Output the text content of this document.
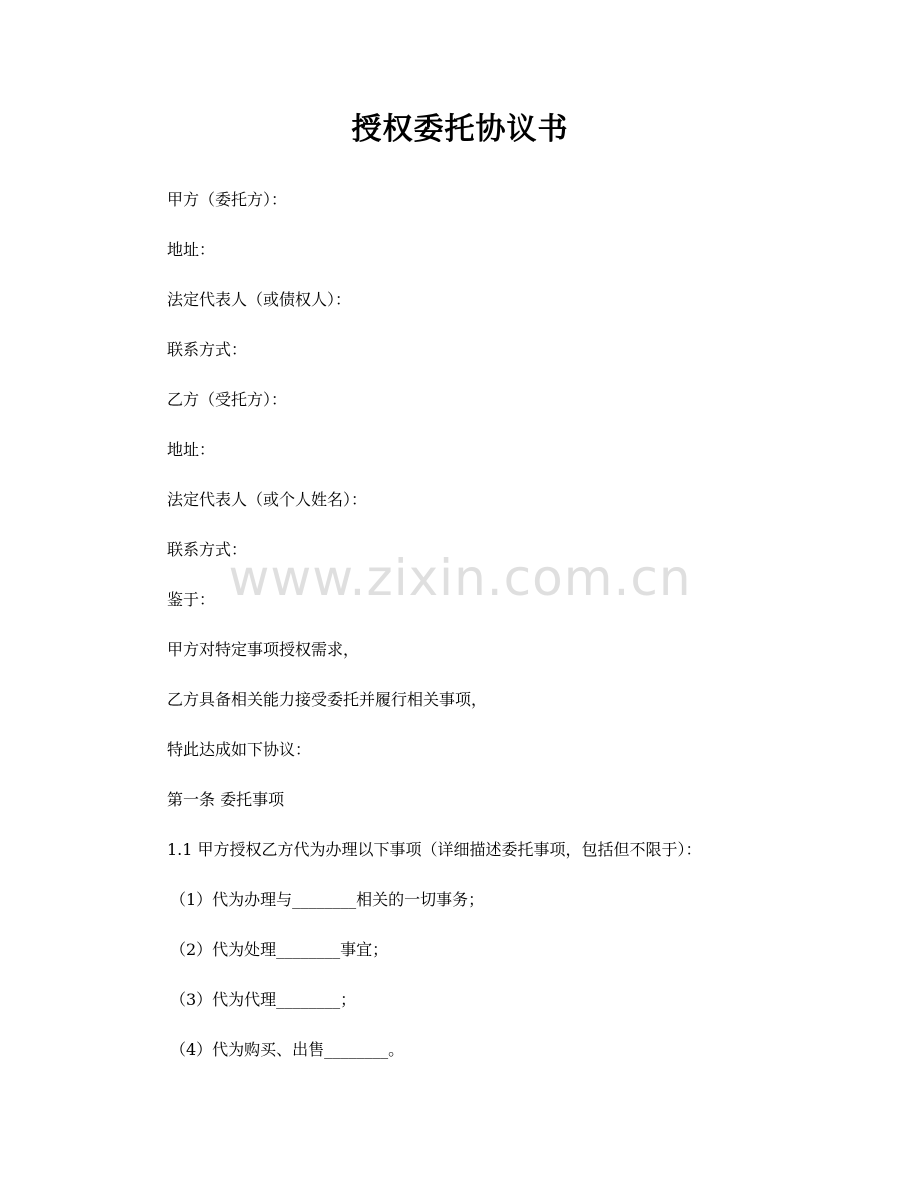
授权委托协议书
甲方（委托方）：
地址：
法定代表人（或债权人）：
联系方式：
乙方（受托方）：
地址：
法定代表人（或个人姓名）：
联系方式：
鉴于：
甲方对特定事项授权需求，
乙方具备相关能力接受委托并履行相关事项，
特此达成如下协议：
第一条 委托事项
1.1 甲方授权乙方代为办理以下事项（详细描述委托事项，包括但不限于）：
（1）代为办理与________相关的一切事务；
（2）代为处理________事宜；
（3）代为代理________；
（4）代为购买、出售________。
www.zixin.com.cn
